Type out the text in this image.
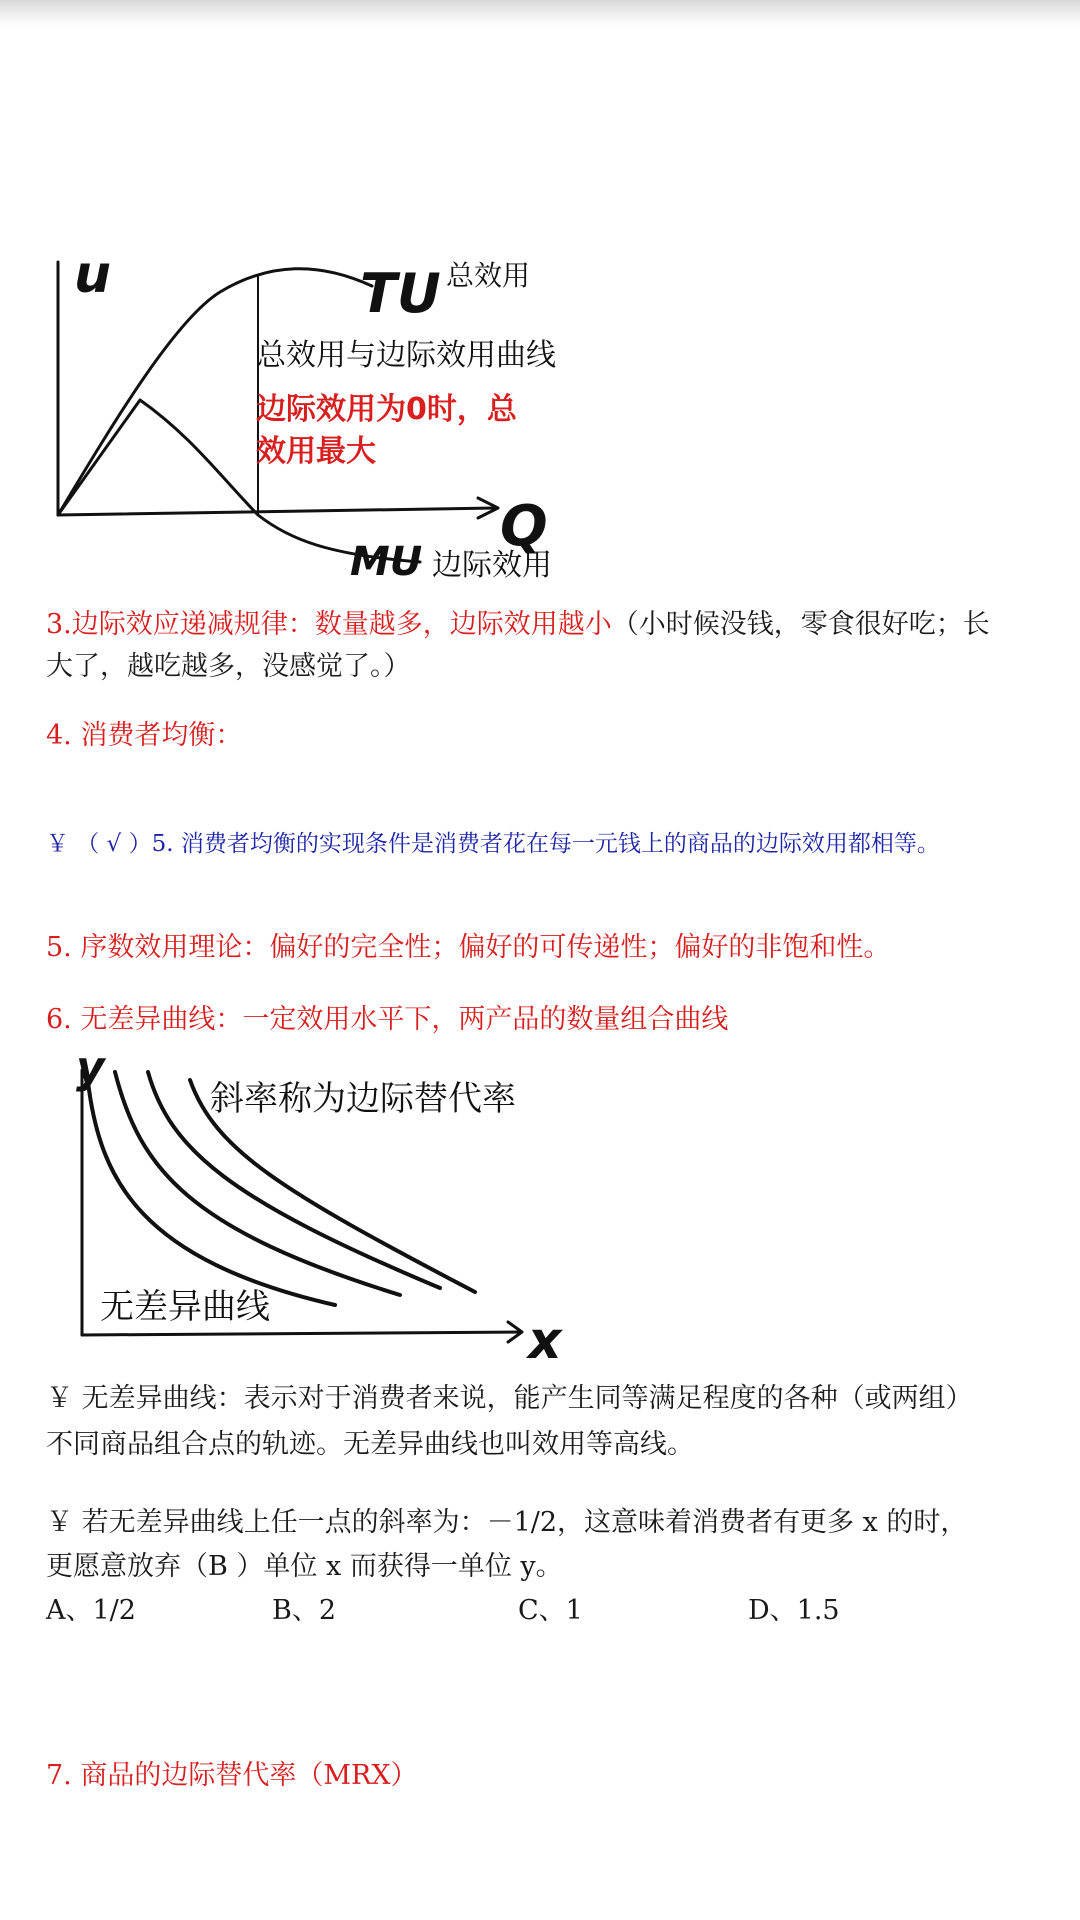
u
Q
TU
MU
总效用
边际效用
总效用与边际效用曲线
边际效用为0时，总
效用最大
3.边际效应递减规律：数量越多，边际效用越小（小时候没钱，零食很好吃；长
大了，越吃越多，没感觉了。）
4. 消费者均衡：
￥ （ √ ）5. 消费者均衡的实现条件是消费者花在每一元钱上的商品的边际效用都相等。
5. 序数效用理论：偏好的完全性；偏好的可传递性；偏好的非饱和性。
6. 无差异曲线：一定效用水平下，两产品的数量组合曲线
y
x
斜率称为边际替代率
无差异曲线
￥ 无差异曲线：表示对于消费者来说，能产生同等满足程度的各种（或两组）
不同商品组合点的轨迹。无差异曲线也叫效用等高线。
￥ 若无差异曲线上任一点的斜率为：－1/2，这意味着消费者有更多 x 的时，
更愿意放弃（B ）单位 x 而获得一单位 y。
A、1/2	B、2	C、1	D、1.5
7. 商品的边际替代率（MRX）
